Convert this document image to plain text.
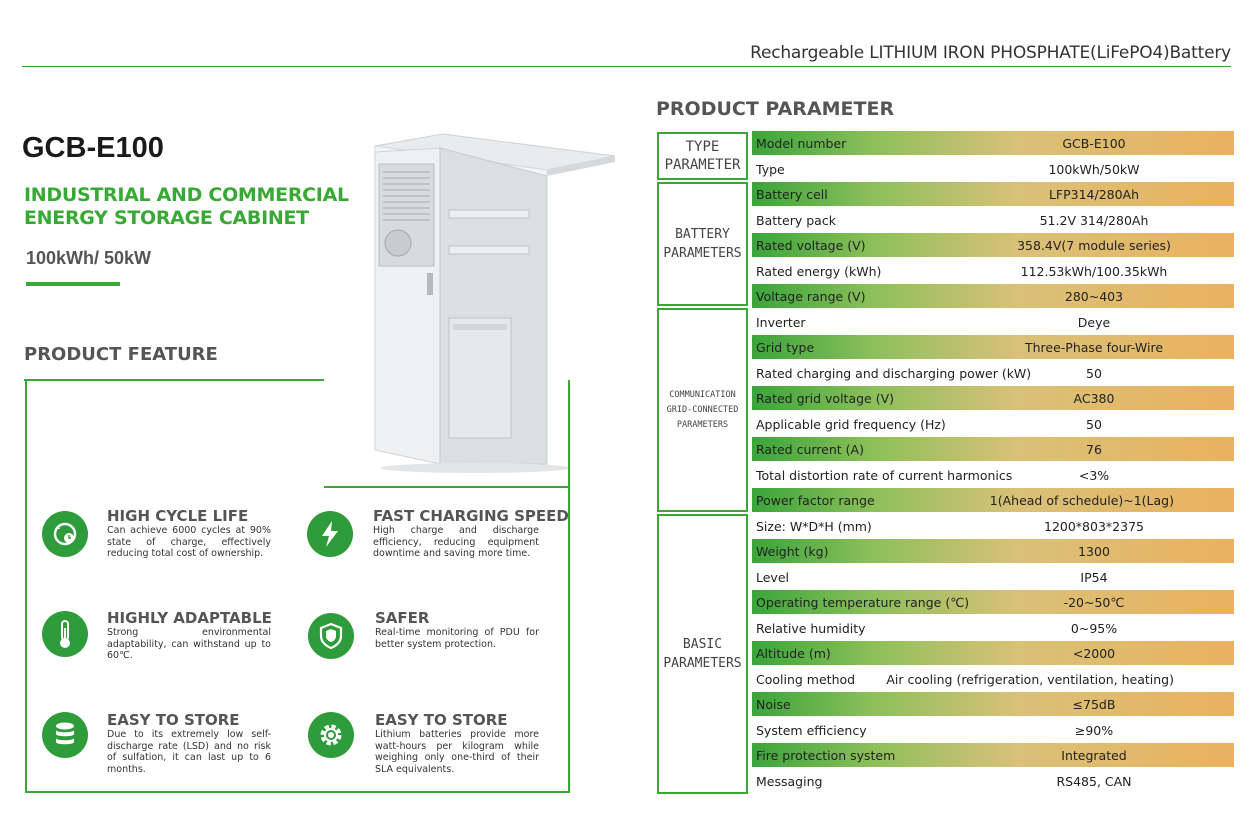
Rechargeable LITHIUM IRON PHOSPHATE(LiFePO4)Battery
GCB-E100
INDUSTRIAL AND COMMERCIAL
ENERGY STORAGE CABINET
100kWh/ 50kW
PRODUCT FEATURE
HIGH CYCLE LIFE
Can achieve 6000 cycles at 90% state of charge, effectively reducing total cost of ownership.
FAST CHARGING SPEED
High charge and discharge efficiency, reducing equipment downtime and saving more time.
HIGHLY ADAPTABLE
Strong environmental adaptability, can withstand up to 60℃.
SAFER
Real-time monitoring of PDU for better system protection.
EASY TO STORE
Due to its extremely low self-discharge rate (LSD) and no risk of sulfation, it can last up to 6 months.
EASY TO STORE
Lithium batteries provide more watt-hours per kilogram while weighing only one-third of their SLA equivalents.
PRODUCT PARAMETER
TYPE
PARAMETER
BATTERY
PARAMETERS
COMMUNICATION
GRID-CONNECTED
PARAMETERS
BASIC
PARAMETERS
Model number	GCB-E100
Type	100kWh/50kW
Battery cell	LFP314/280Ah
Battery pack	51.2V 314/280Ah
Rated voltage (V)	358.4V(7 module series)
Rated energy (kWh)	112.53kWh/100.35kWh
Voltage range (V)	280~403
Inverter	Deye
Grid type	Three-Phase four-Wire
Rated charging and discharging power (kW)	50
Rated grid voltage (V)	AC380
Applicable grid frequency (Hz)	50
Rated current (A)	76
Total distortion rate of current harmonics	<3%
Power factor range	1(Ahead of schedule)~1(Lag)
Size: W*D*H (mm)	1200*803*2375
Weight (kg)	1300
Level	IP54
Operating temperature range (℃)	-20~50℃
Relative humidity	0~95%
Altitude (m)	<2000
Cooling method	Air cooling (refrigeration, ventilation, heating)
Noise	≤75dB
System efficiency	≥90%
Fire protection system	Integrated
Messaging	RS485, CAN
